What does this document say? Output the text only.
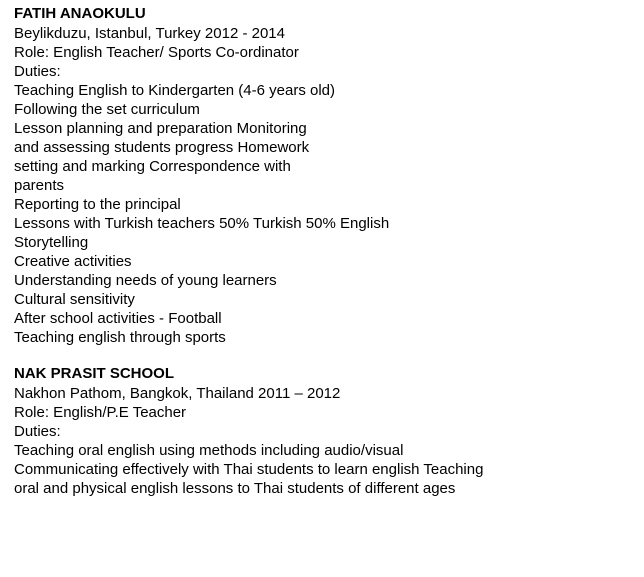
FATIH ANAOKULU
Beylikduzu, Istanbul, Turkey 2012 - 2014
Role: English Teacher/ Sports Co-ordinator
Duties:
Teaching English to Kindergarten (4-6 years old)
Following the set curriculum
Lesson planning and preparation Monitoring
and assessing students progress Homework
setting and marking Correspondence with
parents
Reporting to the principal
Lessons with Turkish teachers 50% Turkish 50% English
Storytelling
Creative activities
Understanding needs of young learners
Cultural sensitivity
After school activities - Football
Teaching english through sports
NAK PRASIT SCHOOL
Nakhon Pathom, Bangkok, Thailand 2011 – 2012
Role: English/P.E Teacher
Duties:
Teaching oral english using methods including audio/visual
Communicating effectively with Thai students to learn english Teaching
oral and physical english lessons to Thai students of different ages
